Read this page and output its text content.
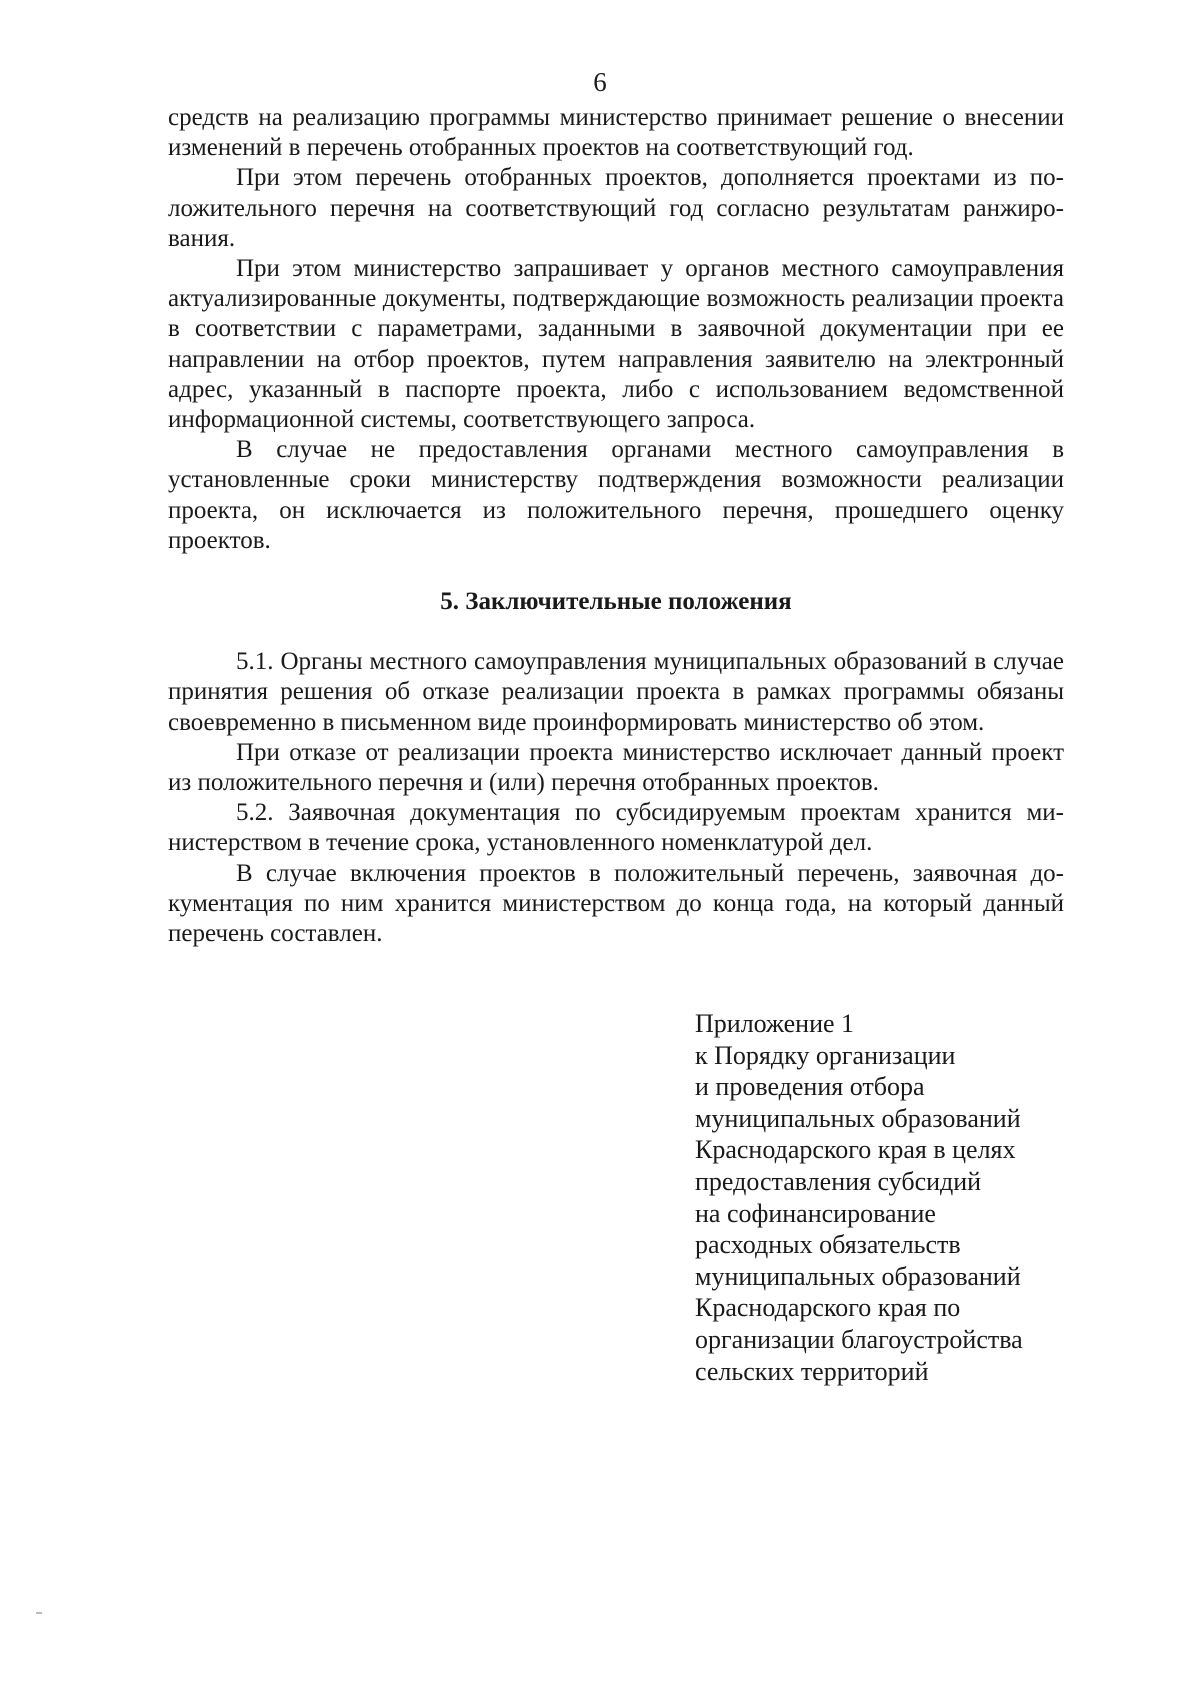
6

средств на реализацию программы министерство принимает решение о внесении изменений в перечень отобранных проектов на соответствующий год.

При этом перечень отобранных проектов, дополняется проектами из положительного перечня на соответствующий год согласно результатам ранжирования.

При этом министерство запрашивает у органов местного самоуправления актуализированные документы, подтверждающие возможность реализации проекта в соответствии с параметрами, заданными в заявочной документации при ее направлении на отбор проектов, путем направления заявителю на электронный адрес, указанный в паспорте проекта, либо с использованием ведомственной информационной системы, соответствующего запроса.

В случае не предоставления органами местного самоуправления в установленные сроки министерству подтверждения возможности реализации проекта, он исключается из положительного перечня, прошедшего оценку проектов.

5. Заключительные положения

5.1. Органы местного самоуправления муниципальных образований в случае принятия решения об отказе реализации проекта в рамках программы обязаны своевременно в письменном виде проинформировать министерство об этом.

При отказе от реализации проекта министерство исключает данный проект из положительного перечня и (или) перечня отобранных проектов.

5.2. Заявочная документация по субсидируемым проектам хранится министерством в течение срока, установленного номенклатурой дел.

В случае включения проектов в положительный перечень, заявочная документация по ним хранится министерством до конца года, на который данный перечень составлен.

Приложение 1
к Порядку организации
и проведения отбора
муниципальных образований
Краснодарского края в целях
предоставления субсидий
на софинансирование
расходных обязательств
муниципальных образований
Краснодарского края по
организации благоустройства
сельских территорий
